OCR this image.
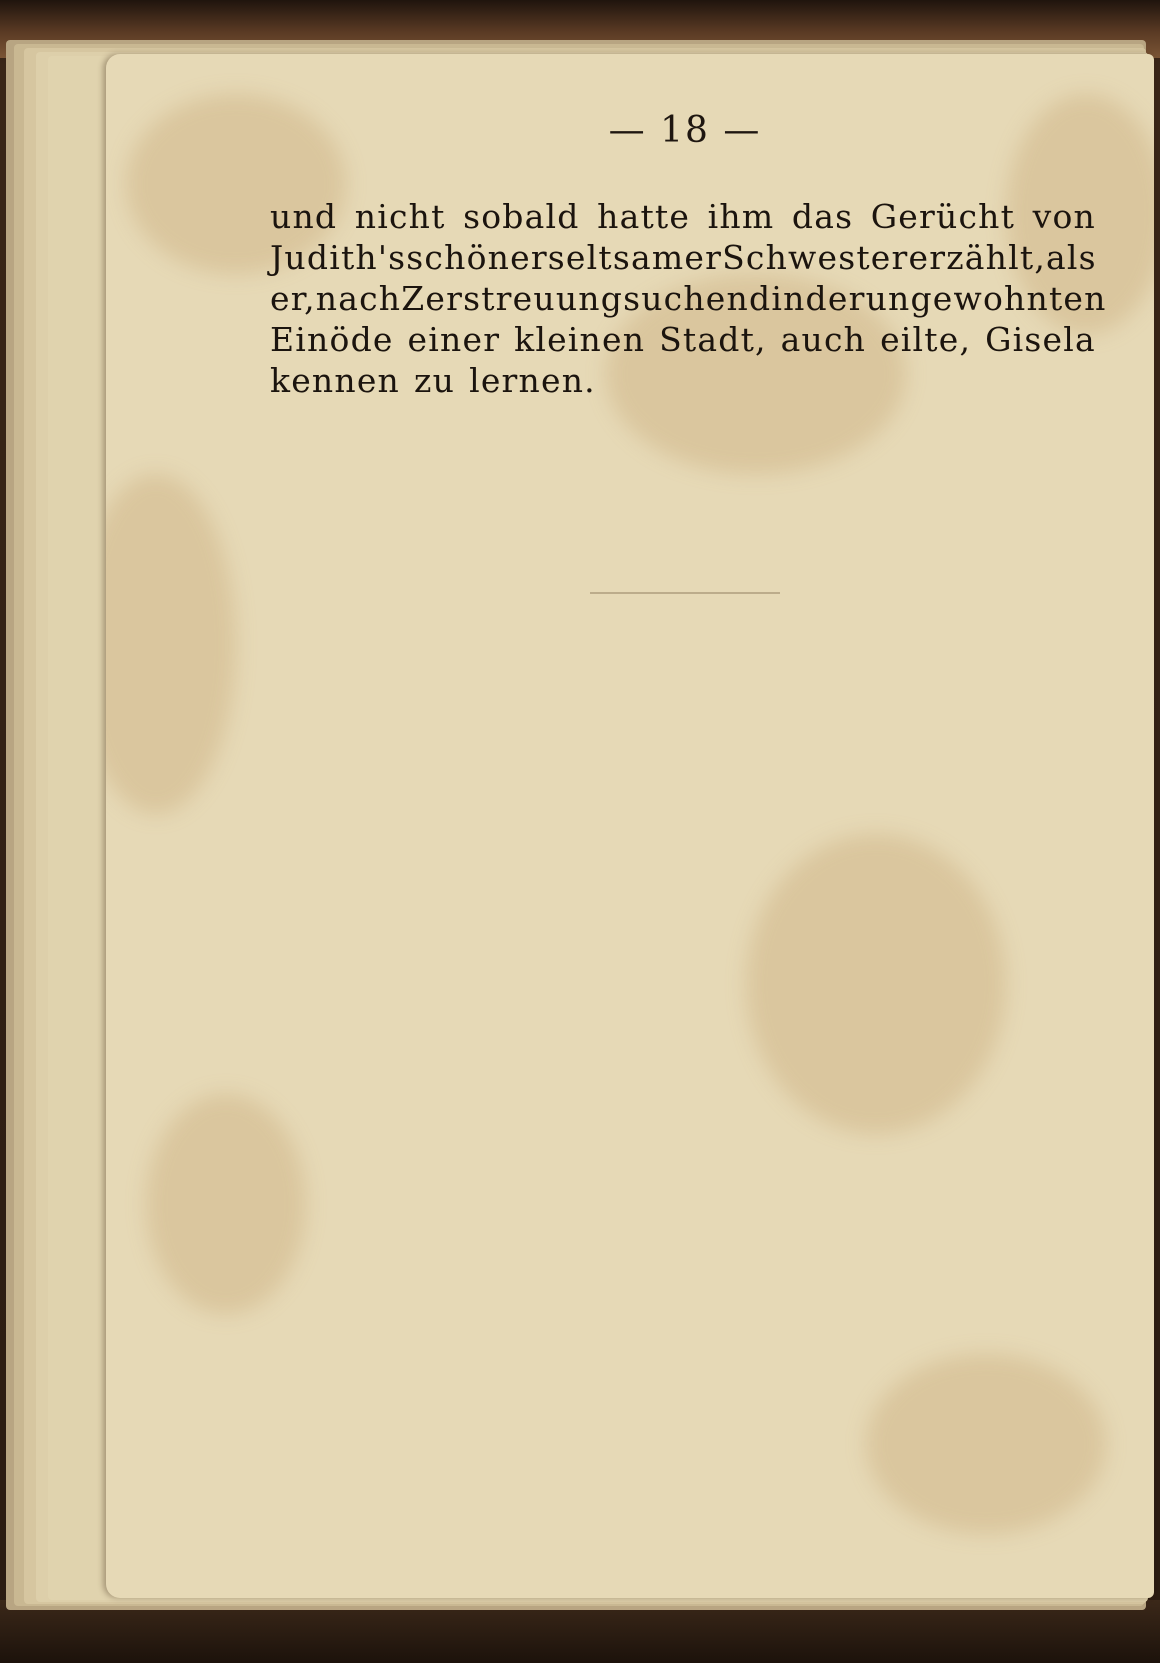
— 18 —
und nicht sobald hatte ihm das Gerücht von
Judith's schöner seltsamer Schwester erzählt, als
er, nach Zerstreuung suchend in der ungewohnten
Einöde einer kleinen Stadt, auch eilte, Gisela
kennen zu lernen.
